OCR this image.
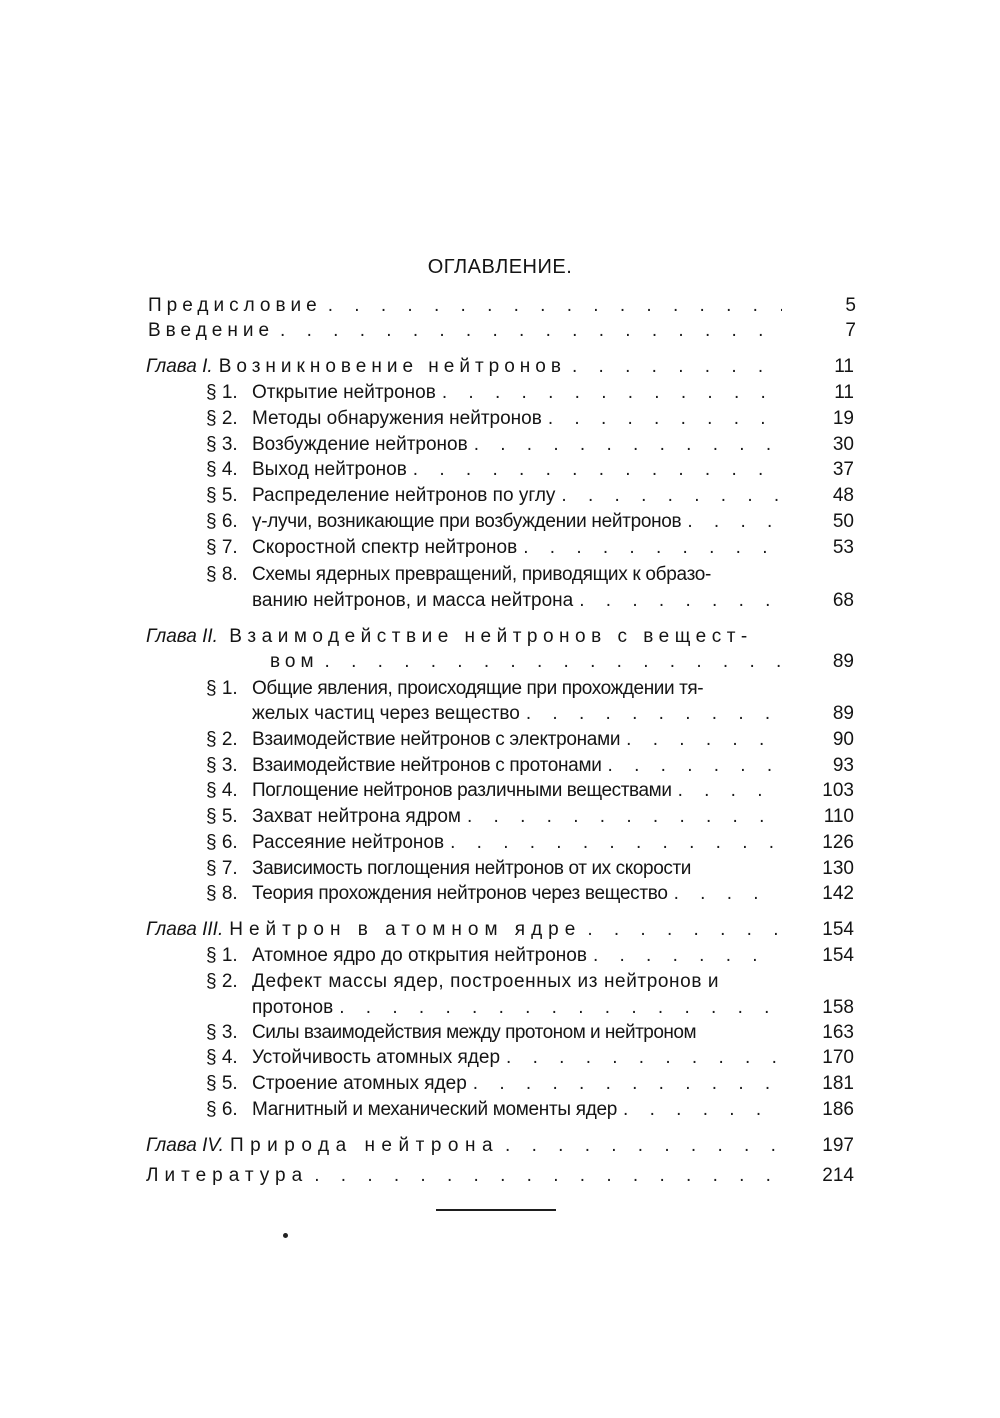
ОГЛАВЛЕНИЕ.
Предисловие . . .	5
Введение . . .	7
Глава I. Возникновение нейтронов . . .	11
§ 1. Открытие нейтронов . . .	11
§ 2. Методы обнаружения нейтронов . . .	19
§ 3. Возбуждение нейтронов . . .	30
§ 4. Выход нейтронов . . .	37
§ 5. Распределение нейтронов по углу . . .	48
§ 6. γ-лучи, возникающие при возбуждении нейтронов . . .	50
§ 7. Скоростной спектр нейтронов . . .	53
§ 8. Схемы ядерных превращений, приводящих к образо-
ванию нейтронов, и масса нейтрона . . .	68
Глава II. Взаимодействие нейтронов с вещест-
вом . . .	89
§ 1. Общие явления, происходящие при прохождении тя-
желых частиц через вещество . . .	89
§ 2. Взаимодействие нейтронов с электронами . . .	90
§ 3. Взаимодействие нейтронов с протонами . . .	93
§ 4. Поглощение нейтронов различными веществами . . .	103
§ 5. Захват нейтрона ядром . . .	110
§ 6. Рассеяние нейтронов . . .	126
§ 7. Зависимость поглощения нейтронов от их скорости	130
§ 8. Теория прохождения нейтронов через вещество . . .	142
Глава III. Нейтрон в атомном ядре . . .	154
§ 1. Атомное ядро до открытия нейтронов . . .	154
§ 2. Дефект массы ядер, построенных из нейтронов и
протонов . . .	158
§ 3. Силы взаимодействия между протоном и нейтроном	163
§ 4. Устойчивость атомных ядер . . .	170
§ 5. Строение атомных ядер . . .	181
§ 6. Магнитный и механический моменты ядер . . .	186
Глава IV. Природа нейтрона . . .	197
Литература . . .	214
